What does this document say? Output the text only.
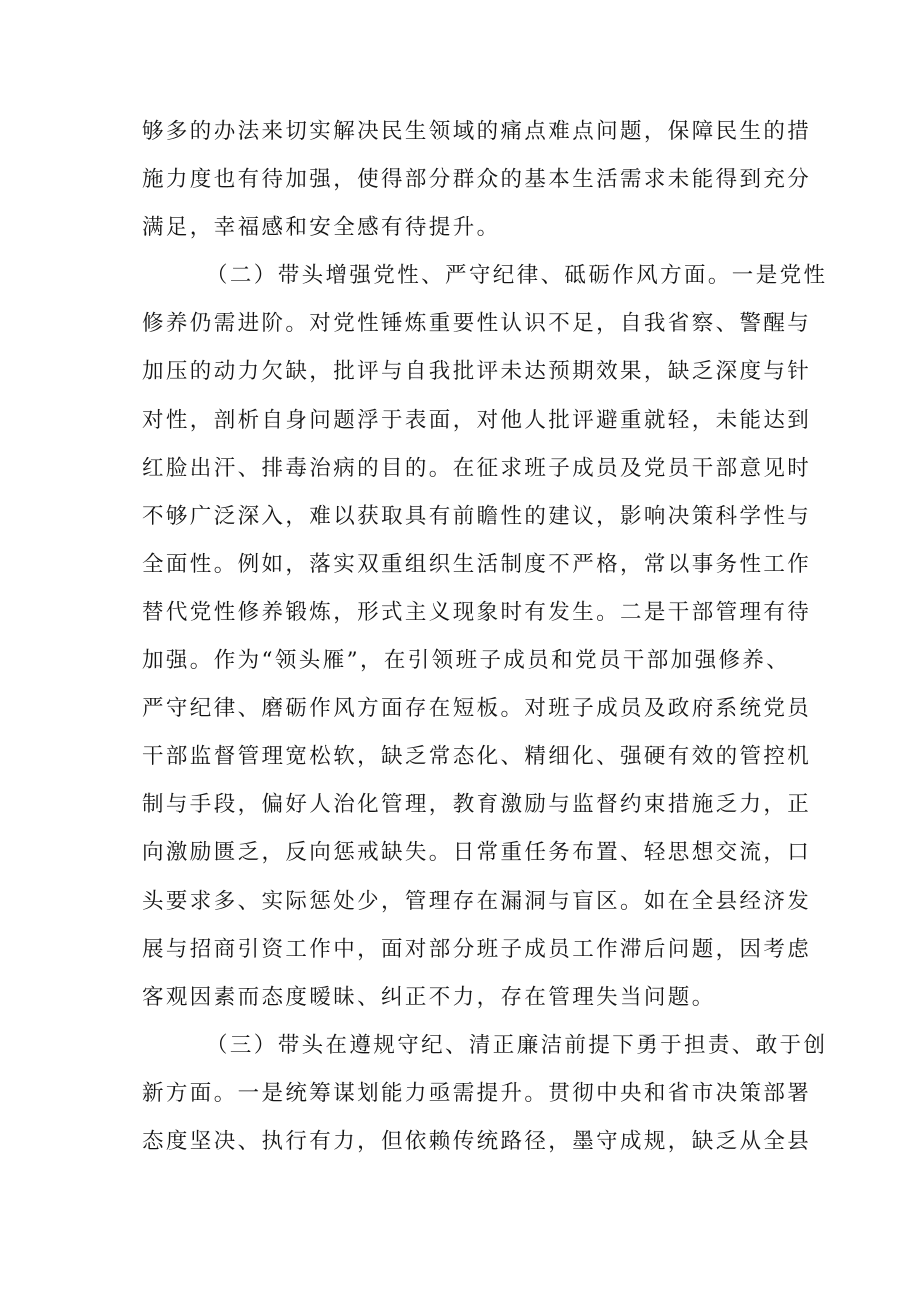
够多的办法来切实解决民生领域的痛点难点问题，保障民生的措
施力度也有待加强，使得部分群众的基本生活需求未能得到充分
满足，幸福感和安全感有待提升。
（二）带头增强党性、严守纪律、砥砺作风方面。一是党性
修养仍需进阶。对党性锤炼重要性认识不足，自我省察、警醒与
加压的动力欠缺，批评与自我批评未达预期效果，缺乏深度与针
对性，剖析自身问题浮于表面，对他人批评避重就轻，未能达到
红脸出汗、排毒治病的目的。在征求班子成员及党员干部意见时
不够广泛深入，难以获取具有前瞻性的建议，影响决策科学性与
全面性。例如，落实双重组织生活制度不严格，常以事务性工作
替代党性修养锻炼，形式主义现象时有发生。二是干部管理有待
加强。作为“领头雁”，在引领班子成员和党员干部加强修养、
严守纪律、磨砺作风方面存在短板。对班子成员及政府系统党员
干部监督管理宽松软，缺乏常态化、精细化、强硬有效的管控机
制与手段，偏好人治化管理，教育激励与监督约束措施乏力，正
向激励匮乏，反向惩戒缺失。日常重任务布置、轻思想交流，口
头要求多、实际惩处少，管理存在漏洞与盲区。如在全县经济发
展与招商引资工作中，面对部分班子成员工作滞后问题，因考虑
客观因素而态度暧昧、纠正不力，存在管理失当问题。
（三）带头在遵规守纪、清正廉洁前提下勇于担责、敢于创
新方面。一是统筹谋划能力亟需提升。贯彻中央和省市决策部署
态度坚决、执行有力，但依赖传统路径，墨守成规，缺乏从全县
